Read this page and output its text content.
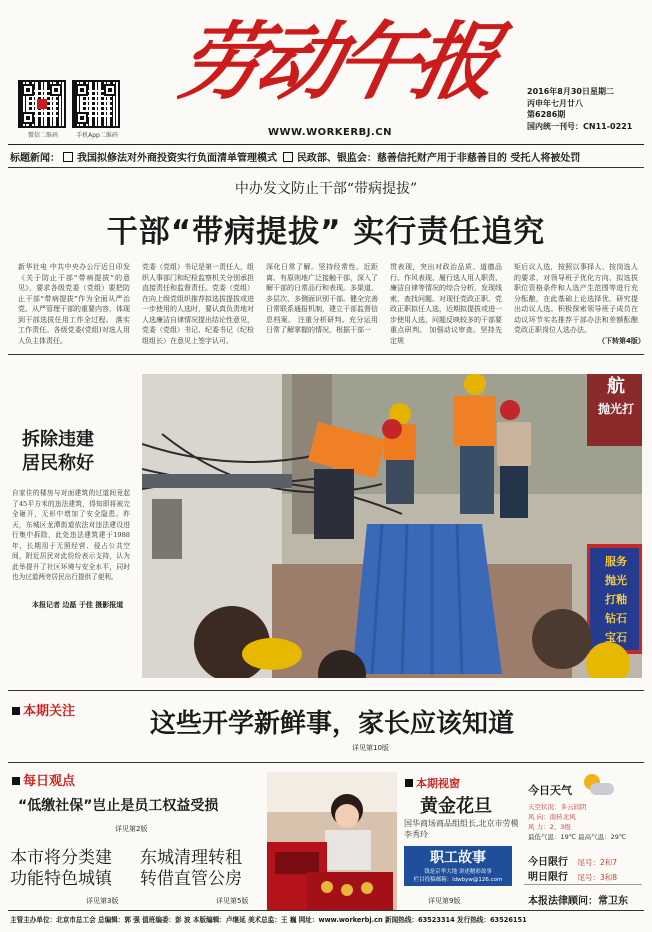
微信二维码	手机App二维码
劳动午报
WWW.WORKERBJ.CN
2016年8月30日星期二
丙申年七月廿八
第6286期
国内统一刊号：CN11-0221
标题新闻： 我国拟修法对外商投资实行负面清单管理模式 民政部、银监会：慈善信托财产用于非慈善目的 受托人将被处罚
中办发文防止干部“带病提拔”
干部“带病提拔” 实行责任追究
新华社电 中共中央办公厅近日印发《关于防止干部“带病提拔”的意见》，要求各级党委（党组）要把防止干部“带病提拔”作为全面从严治党、从严管理干部的重要内容，体现到干部选拔任用工作全过程。 落实工作责任。各级党委(党组)对选人用人负主体责任。
党委（党组）书记是第一责任人，组织人事部门和纪检监察机关分别承担直接责任和监督责任。党委（党组）在向上级党组织推荐拟选拔提拔或进一步使用的人选时，要认真负责地对人选廉洁自律情况提出结论性意见，党委（党组）书记、纪委书记（纪检组组长）在意见上签字认可。
深化日常了解。坚持经常性、近距离、有原则地广泛接触干部，深入了解干部的日常品行和表现。多渠道、多层次、多侧面识别干部。健全完善日常联系通报机制，建立干部监督信息档案。 注重分析研判。充分运用日常了解掌握的情况，根据干部一
贯表现，突出对政治品质、道德品行、作风表现、履行选人用人职责、廉洁自律等情况的综合分析，发现线索，查找问题。对现任党政正职、党政正职拟任人选，近期拟提拔或进一步使用人选，问题反映较多的干部要重点研判。 加强动议审查。坚持先定规
矩后议人选，按照以事择人、按岗选人的要求，对领导班子优化方向、拟选拔职位资格条件和人选产生范围等进行充分酝酿，在此基础上论选择优，研究提出动议人选。积极探索领导班子成员在动议环节实名推荐干部办法和差额酝酿党政正职岗位人选办法。
（下转第4版）
航
抛光打
服务
抛光
打釉
钻石
宝石
拆除违建
居民称好
自家住的楼房与对面建筑的过道间竟起了45平方米的违法建筑，得知即将被完全砸开，无形中增加了安全隐患。昨天，东城区龙潭街道依法对违法建设进行集中拆除，此处违法建筑建于1988年，长期用于无照经营、侵占公共空间，附近居民对此纷纷表示支持，认为此举提升了社区环境与安全水平，同时也为过道两旁居民出行提供了便利。
本报记者 边磊 于佳 摄影报道
本期关注	这些开学新鲜事，家长应该知道
详见第10版
每日观点
“低缴社保”岂止是员工权益受损
详见第2版
本市将分类建
功能特色城镇
详见第3版
东城清理转租
转借直管公房
详见第5版
本期视窗
黄金花旦
国华商场商品组组长,北京市劳模李秀玲
职工故事
钱是京华大地 讲述精彩故事
栏目投稿邮箱：ldwbyw@126.com
详见第9版
今日天气
天空状况：多云间阴
风 向：南转北风
风 力：2、3级
最低气温：19℃ 最高气温：29℃
今日限行 尾号：2和7
明日限行 尾号：3和8
本报法律顾问：常卫东
主管主办单位：北京市总工会 总编辑：郭 强 值班编委：彭 波 本版编辑：卢继延 美术总监：王 巍 网址：www.workerbj.cn 新闻热线：63523314 发行热线：63526151
